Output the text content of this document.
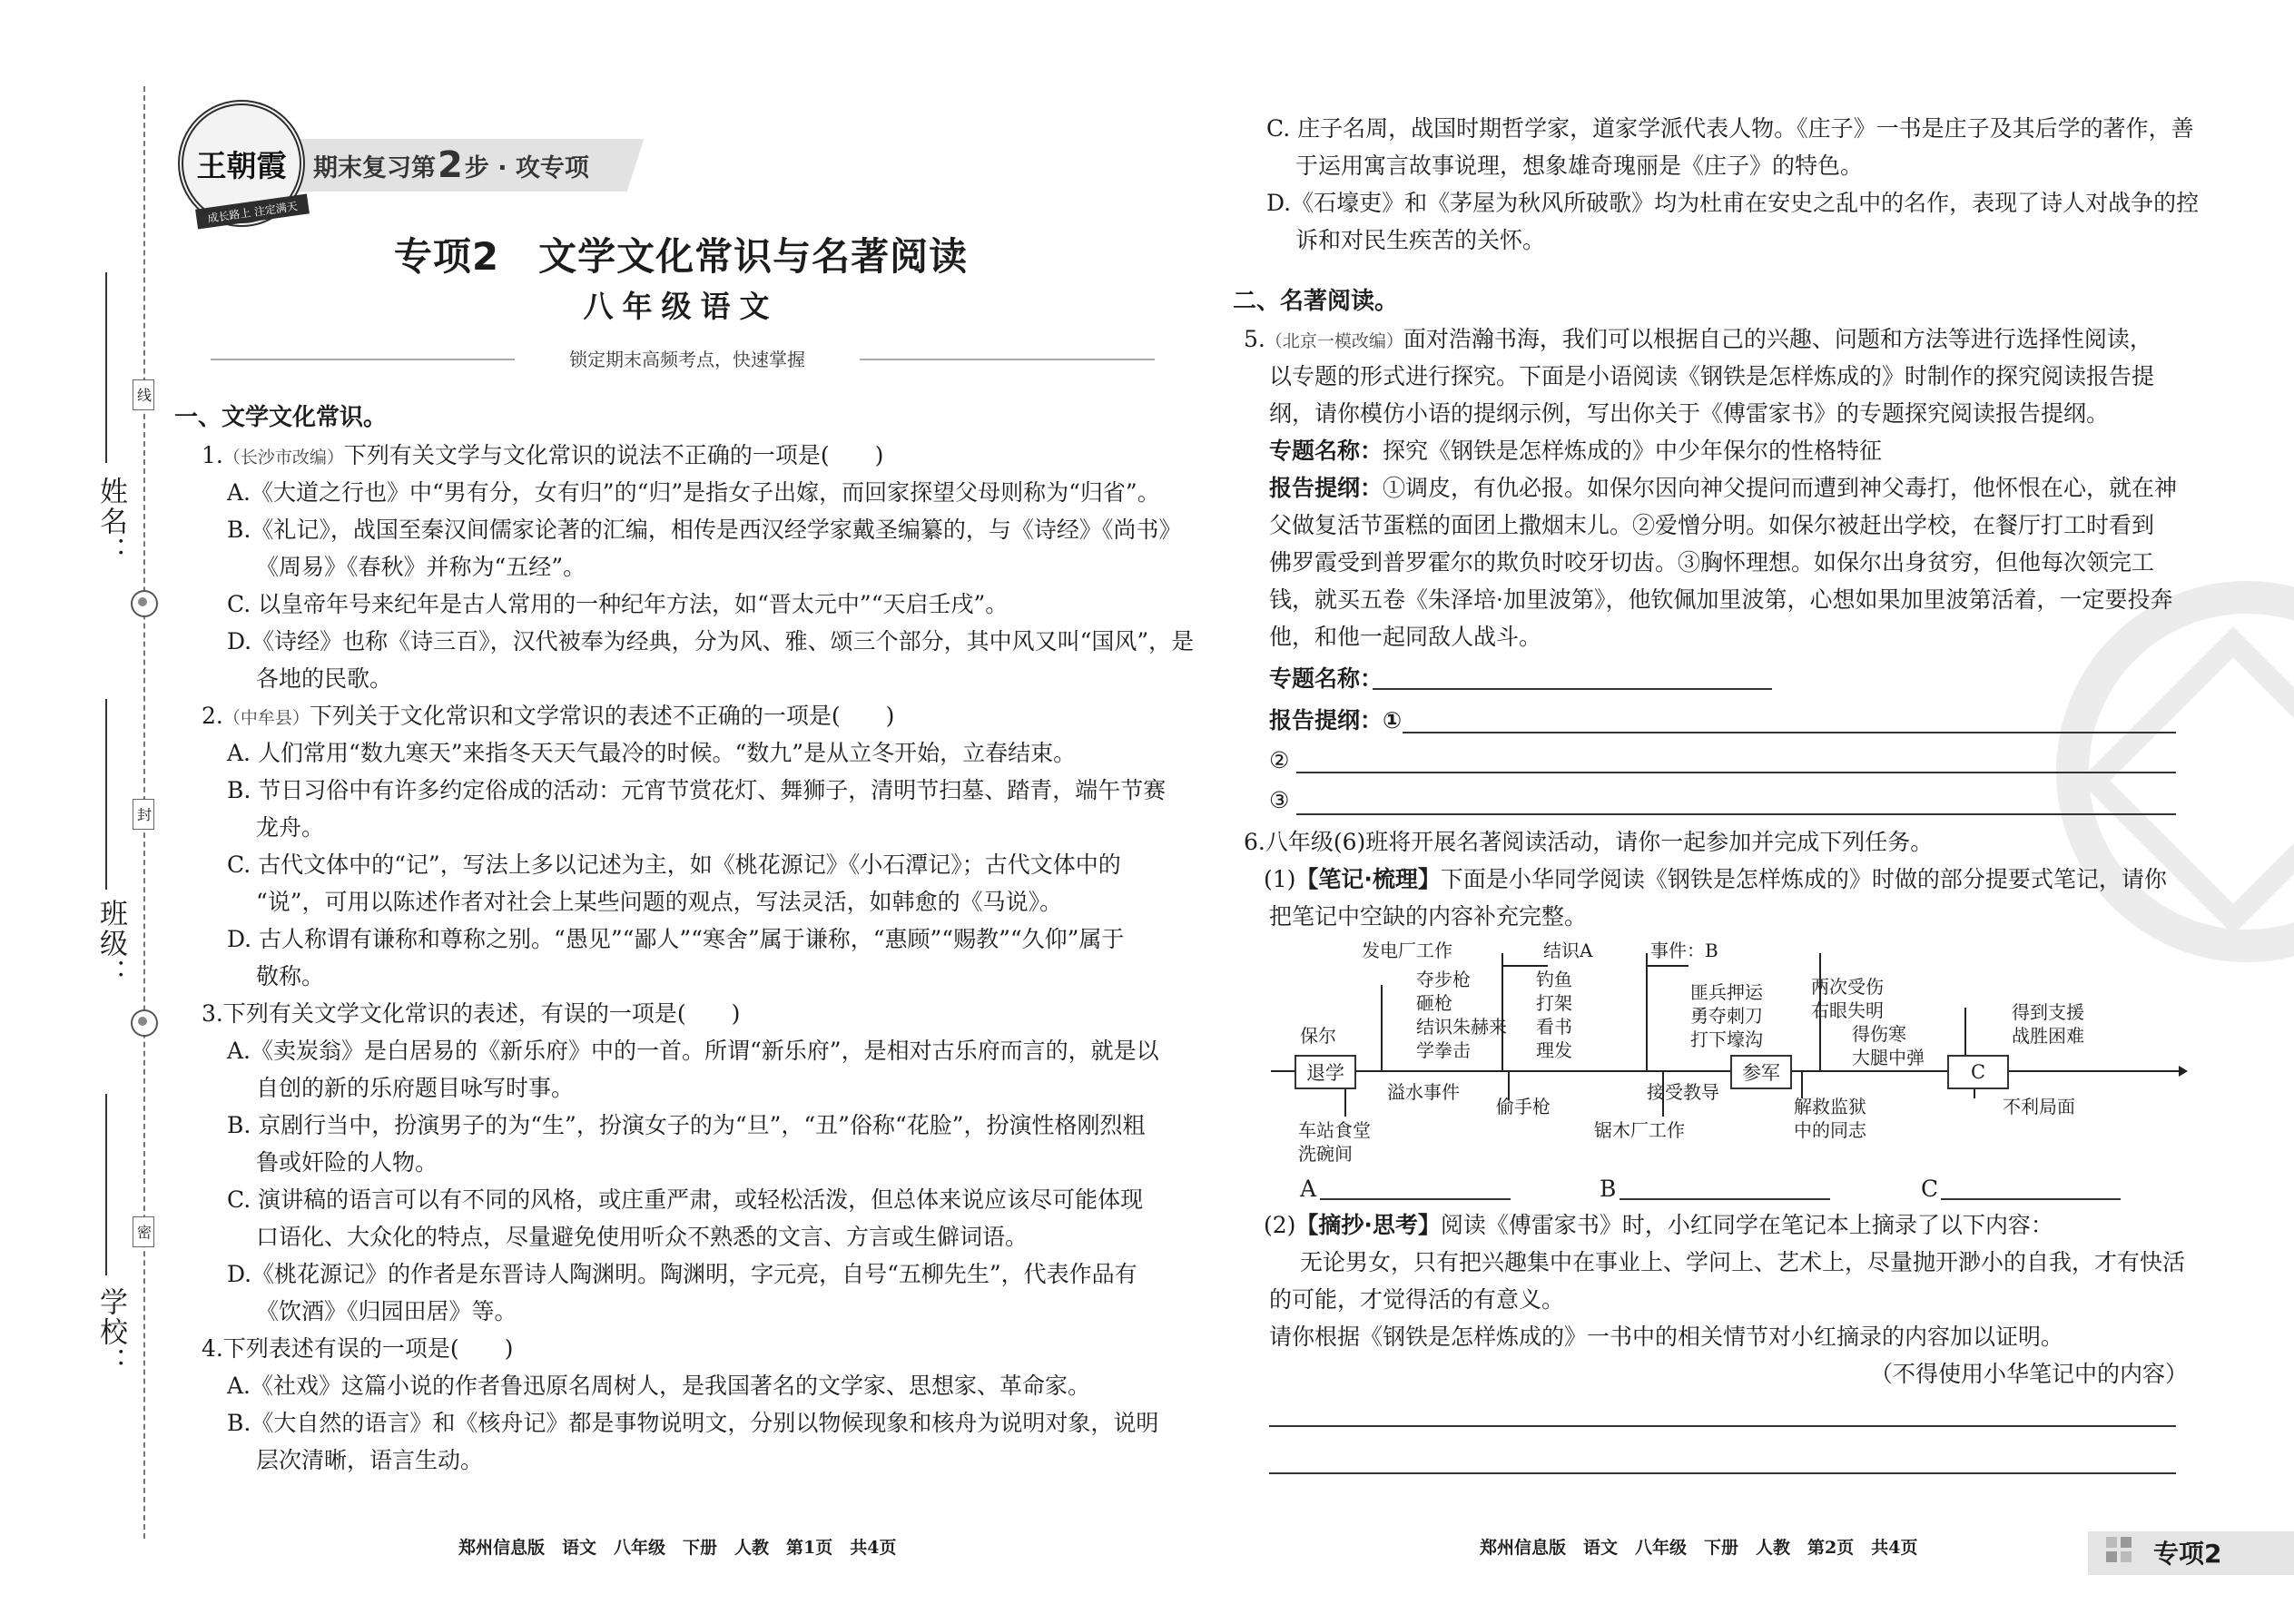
线
姓名：
封
班级：
密
学校：
期末复习第 2 步 · 攻专项
王朝霞
成长路上 注定满天
专项2　文学文化常识与名著阅读
八年级语文
锁定期末高频考点，快速掌握
一、文学文化常识。
1.（长沙市改编）下列有关文学与文化常识的说法不正确的一项是(　　)
A.《大道之行也》中“男有分，女有归”的“归”是指女子出嫁，而回家探望父母则称为“归省”。
B.《礼记》，战国至秦汉间儒家论著的汇编，相传是西汉经学家戴圣编纂的，与《诗经》《尚书》
《周易》《春秋》并称为“五经”。
C. 以皇帝年号来纪年是古人常用的一种纪年方法，如“晋太元中”“天启壬戌”。
D.《诗经》也称《诗三百》，汉代被奉为经典，分为风、雅、颂三个部分，其中风又叫“国风”，是
各地的民歌。
2.（中牟县）下列关于文化常识和文学常识的表述不正确的一项是(　　)
A. 人们常用“数九寒天”来指冬天天气最冷的时候。“数九”是从立冬开始，立春结束。
B. 节日习俗中有许多约定俗成的活动：元宵节赏花灯、舞狮子，清明节扫墓、踏青，端午节赛
龙舟。
C. 古代文体中的“记”，写法上多以记述为主，如《桃花源记》《小石潭记》；古代文体中的
“说”，可用以陈述作者对社会上某些问题的观点，写法灵活，如韩愈的《马说》。
D. 古人称谓有谦称和尊称之别。“愚见”“鄙人”“寒舍”属于谦称，“惠顾”“赐教”“久仰”属于
敬称。
3.下列有关文学文化常识的表述，有误的一项是(　　)
A.《卖炭翁》是白居易的《新乐府》中的一首。所谓“新乐府”，是相对古乐府而言的，就是以
自创的新的乐府题目咏写时事。
B. 京剧行当中，扮演男子的为“生”，扮演女子的为“旦”，“丑”俗称“花脸”，扮演性格刚烈粗
鲁或奸险的人物。
C. 演讲稿的语言可以有不同的风格，或庄重严肃，或轻松活泼，但总体来说应该尽可能体现
口语化、大众化的特点，尽量避免使用听众不熟悉的文言、方言或生僻词语。
D.《桃花源记》的作者是东晋诗人陶渊明。陶渊明，字元亮，自号“五柳先生”，代表作品有
《饮酒》《归园田居》等。
4.下列表述有误的一项是(　　)
A.《社戏》这篇小说的作者鲁迅原名周树人，是我国著名的文学家、思想家、革命家。
B.《大自然的语言》和《核舟记》都是事物说明文，分别以物候现象和核舟为说明对象，说明
层次清晰，语言生动。
郑州信息版　语文　八年级　下册　人教　第1页　共4页
C. 庄子名周，战国时期哲学家，道家学派代表人物。《庄子》一书是庄子及其后学的著作，善
于运用寓言故事说理，想象雄奇瑰丽是《庄子》的特色。
D.《石壕吏》和《茅屋为秋风所破歌》均为杜甫在安史之乱中的名作，表现了诗人对战争的控
诉和对民生疾苦的关怀。
二、名著阅读。
5.（北京一模改编）面对浩瀚书海，我们可以根据自己的兴趣、问题和方法等进行选择性阅读，
以专题的形式进行探究。下面是小语阅读《钢铁是怎样炼成的》时制作的探究阅读报告提
纲，请你模仿小语的提纲示例，写出你关于《傅雷家书》的专题探究阅读报告提纲。
专题名称：探究《钢铁是怎样炼成的》中少年保尔的性格特征
报告提纲：①调皮，有仇必报。如保尔因向神父提问而遭到神父毒打，他怀恨在心，就在神
父做复活节蛋糕的面团上撒烟末儿。②爱憎分明。如保尔被赶出学校，在餐厅打工时看到
佛罗霞受到普罗霍尔的欺负时咬牙切齿。③胸怀理想。如保尔出身贫穷，但他每次领完工
钱，就买五卷《朱泽培·加里波第》，他钦佩加里波第，心想如果加里波第活着，一定要投奔
他，和他一起同敌人战斗。
专题名称：
报告提纲：①
②
③
6.八年级(6)班将开展名著阅读活动，请你一起参加并完成下列任务。
(1)【笔记·梳理】下面是小华同学阅读《钢铁是怎样炼成的》时做的部分提要式笔记，请你
把笔记中空缺的内容补充完整。
保尔
退学	参军	C
发电厂工作
夺步枪
砸枪
结识朱赫来
学拳击
结识A
钓鱼
打架
看书
理发
事件：B
匪兵押运
勇夺刺刀
打下壕沟
两次受伤
右眼失明
得伤寒
大腿中弹
得到支援
战胜困难
溢水事件
车站食堂
洗碗间
偷手枪
接受教导
锯木厂工作
解救监狱
中的同志
不利局面
A	B	C
(2)【摘抄·思考】阅读《傅雷家书》时，小红同学在笔记本上摘录了以下内容：
无论男女，只有把兴趣集中在事业上、学问上、艺术上，尽量抛开渺小的自我，才有快活
的可能，才觉得活的有意义。
请你根据《钢铁是怎样炼成的》一书中的相关情节对小红摘录的内容加以证明。
（不得使用小华笔记中的内容）
郑州信息版　语文　八年级　下册　人教　第2页　共4页	专项2
